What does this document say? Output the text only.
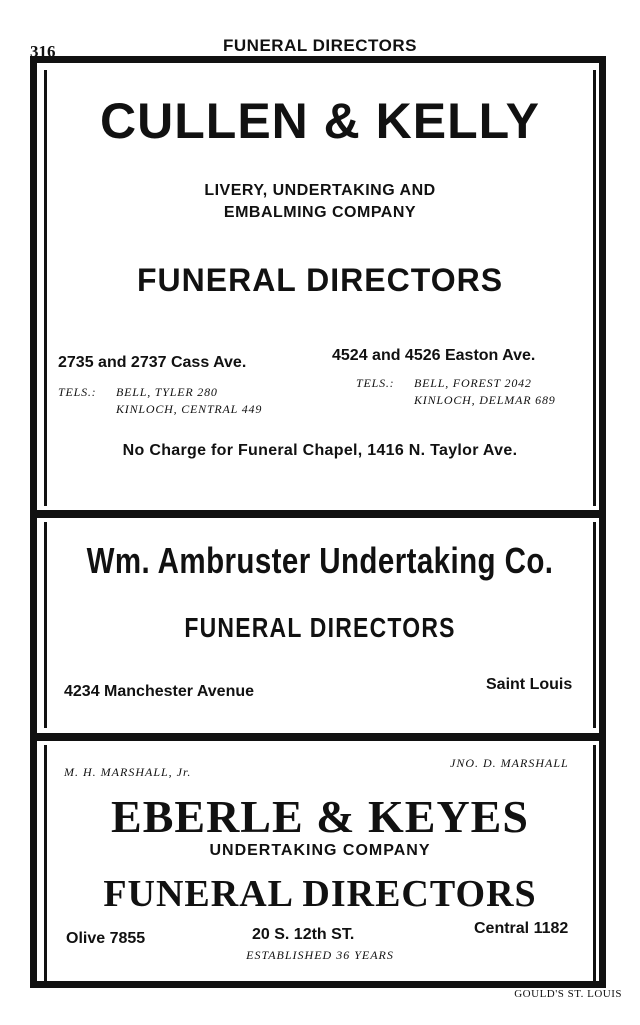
316	FUNERAL DIRECTORS
CULLEN & KELLY
LIVERY, UNDERTAKING AND
EMBALMING COMPANY
FUNERAL DIRECTORS
2735 and 2737 Cass Ave.
TELS.: BELL, TYLER 280
KINLOCH, CENTRAL 449
4524 and 4526 Easton Ave.
TELS.: BELL, FOREST 2042
KINLOCH, DELMAR 689
No Charge for Funeral Chapel, 1416 N. Taylor Ave.
Wm. Ambruster Undertaking Co.
FUNERAL DIRECTORS
4234 Manchester Avenue	Saint Louis
M. H. MARSHALL, Jr.
JNO. D. MARSHALL
EBERLE & KEYES
UNDERTAKING COMPANY
FUNERAL DIRECTORS
Olive 7855	20 S. 12th ST.	Central 1182
ESTABLISHED 36 YEARS
GOULD'S ST. LOUIS
